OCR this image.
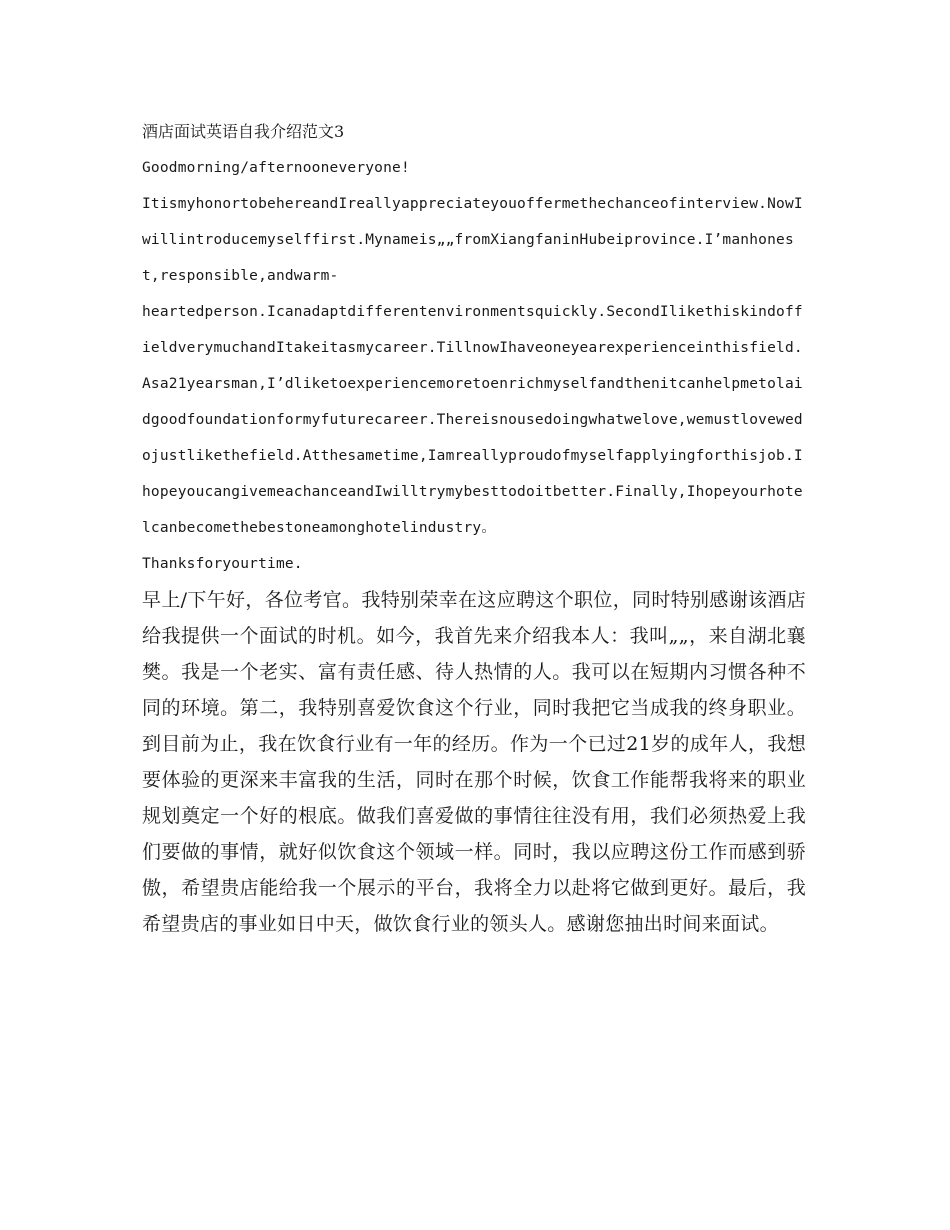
酒店面试英语自我介绍范文3

Goodmorning/afternooneveryone!

ItismyhonortobehereandIreallyappreciateyouoffermethechanceofinterview.NowIwillintroducemyselffirst.Mynameis„„fromXiangfaninHubeiprovince.I’manhonest,responsible,andwarm-

heartedperson.Icanadaptdifferentenvironmentsquickly.SecondIlikethiskindoffieldverymuchandItakeitasmycareer.TillnowIhaveoneyearexperienceinthisfield.Asa21yearsman,I’dliketoexperiencemoretoenrichmyselfandthenitcanhelpmetolaidgoodfoundationformyfuturecareer.Thereisnousedoingwhatwelove,wemustlovewedojustlikethefield.Atthesametime,Iamreallyproudofmyselfapplyingforthisjob.IhopeyoucangivemeachanceandIwilltrymybesttodoitbetter.Finally,Ihopeyourhotelcanbecomethebestoneamonghotelindustry。

Thanksforyourtime.

早上/下午好，各位考官。我特别荣幸在这应聘这个职位，同时特别感谢该酒店给我提供一个面试的时机。如今，我首先来介绍我本人：我叫„„，来自湖北襄樊。我是一个老实、富有责任感、待人热情的人。我可以在短期内习惯各种不同的环境。第二，我特别喜爱饮食这个行业，同时我把它当成我的终身职业。到目前为止，我在饮食行业有一年的经历。作为一个已过21岁的成年人，我想要体验的更深来丰富我的生活，同时在那个时候，饮食工作能帮我将来的职业规划奠定一个好的根底。做我们喜爱做的事情往往没有用，我们必须热爱上我们要做的事情，就好似饮食这个领域一样。同时，我以应聘这份工作而感到骄傲，希望贵店能给我一个展示的平台，我将全力以赴将它做到更好。最后，我希望贵店的事业如日中天，做饮食行业的领头人。感谢您抽出时间来面试。
